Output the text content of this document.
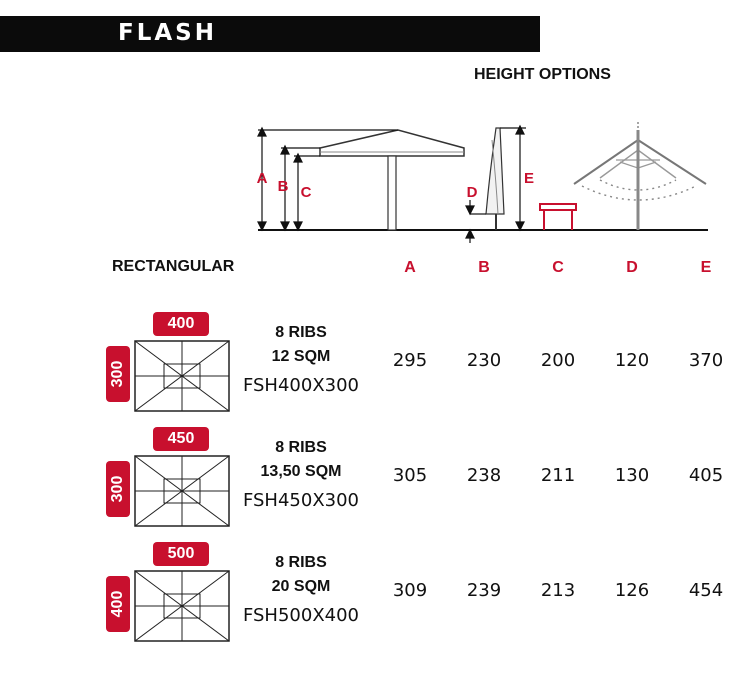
FLASH
HEIGHT OPTIONS
A B C	D
E
RECTANGULAR	A	B	C	D	E
400
300
8 RIBS
12 SQM
FSH400X300
295	230	200	120	370
450
300
8 RIBS
13,50 SQM
FSH450X300
305	238	211	130	405
500
400
8 RIBS
20 SQM
FSH500X400
309	239	213	126	454
